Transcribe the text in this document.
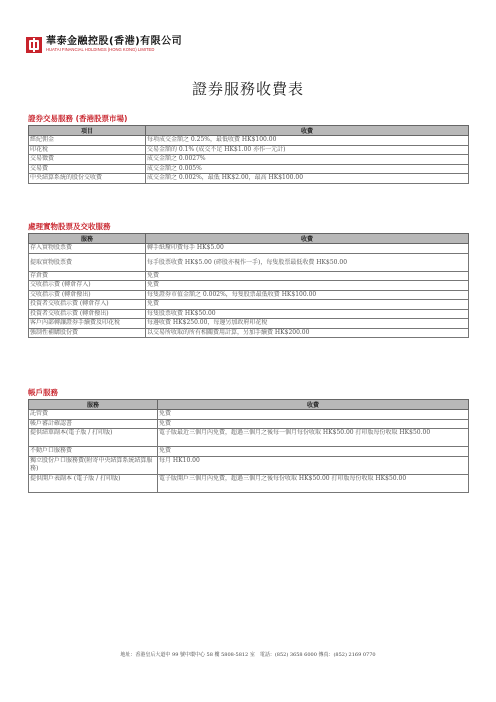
華泰金融控股(香港)有限公司
HUATAI FINANCIAL HOLDINGS (HONG KONG) LIMITED
證券服務收費表
證券交易服務 (香港股票市場)
項目	收費
經紀佣金	每項成交金額之 0.25%，最低收費 HK$100.00
印花稅	交易金額的 0.1% (成交不足 HK$1.00 亦作一元計)
交易徵費	成交金額之 0.0027%
交易費	成交金額之 0.005%
中央結算系統的股份交收費	成交金額之 0.002%，最低 HK$2.00，最高 HK$100.00
處理實物股票及交收服務
服務	收費
存入實物股票費	轉手紙釐印費每手 HK$5.00
提取實物股票費	每手股票收費 HK$5.00 (碎股亦視作一手)，每隻股票最低收費 HK$50.00
存倉費	免費
交收指示費 (轉倉存入)	免費
交收指示費 (轉倉撥出)	每隻證券市值金額之 0.002%，每隻股票最低收費 HK$100.00
投資者交收指示費 (轉倉存入)	免費
投資者交收指示費 (轉倉撥出)	每隻股票收費 HK$50.00
客戶內部轉讓證券手續費及印花稅	每邊收費 HK$250.00，每邊另加政府印花稅
強制性補購股份費	以交易所收取的所有相關費用計算，另加手續費 HK$200.00
帳戶服務
服務	收費
託管費	免費
帳戶審計確認書	免費
提供結單副本(電子版 / 打印版)	電子版最近三個月內免費，超過三個月之後每一個月每份收取 HK$50.00 打印版每份收取 HK$50.00
不動戶口服務費	免費
獨立股份戶口服務費(附寄中央結算系統結算服務)	每月 HK10.00
提供開戶表副本 (電子版 / 打印版)	電子版開戶三個月內免費，超過三個月之後每份收取 HK$50.00 打印版每份收取 HK$50.00
地址：香港皇后大道中 99 號中環中心 58 樓 5808-5812 室　電話：(852) 3658 6000 傳真：(852) 2169 0770
